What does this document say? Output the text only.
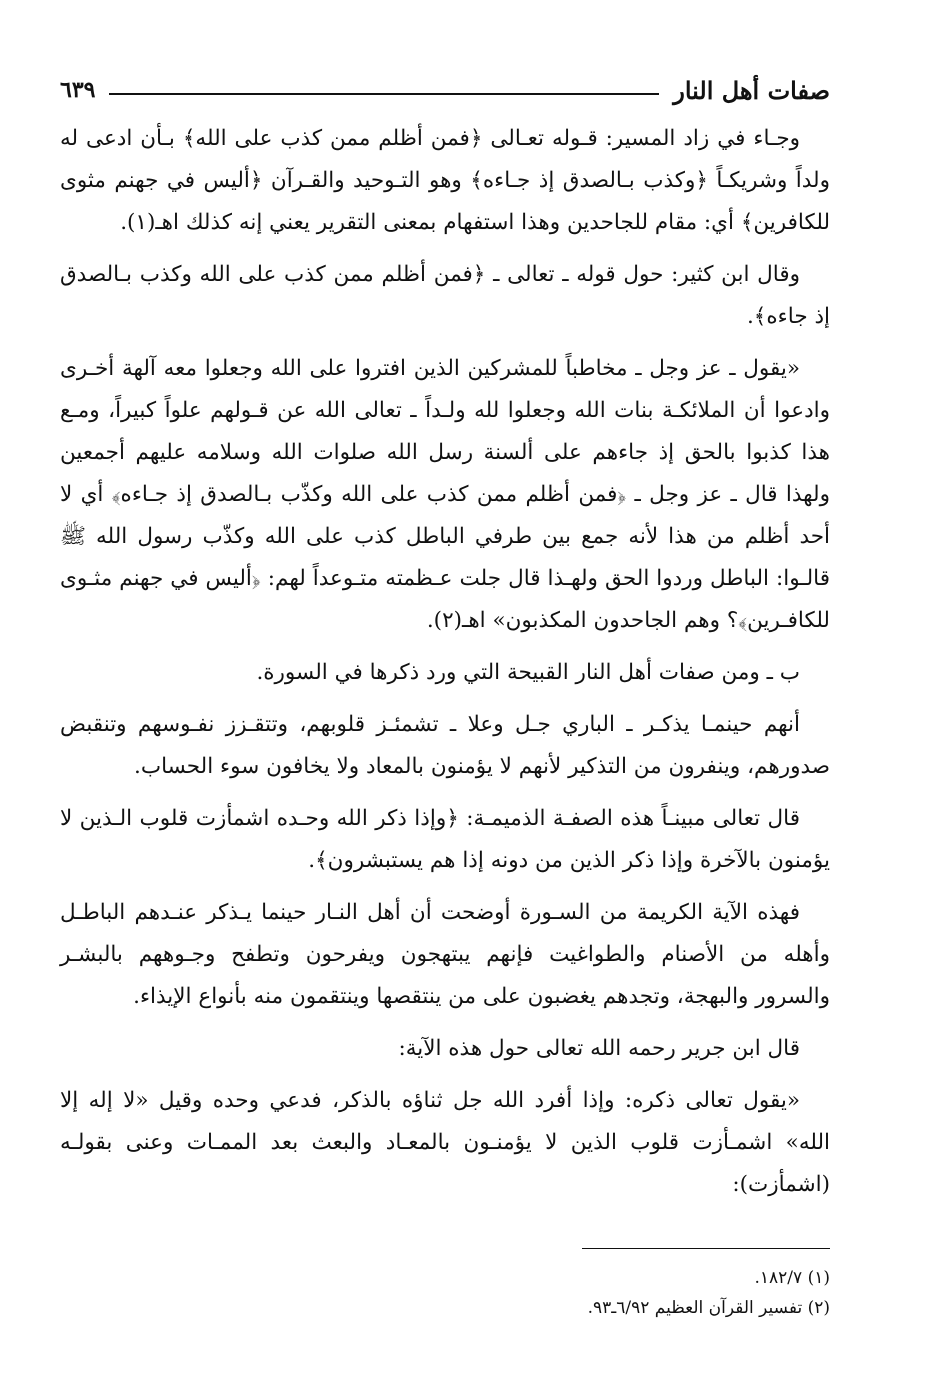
صفات أهل النار
٦٣٩

وجـاء في زاد المسير: قـوله تعـالى ﴿فمن أظلم ممن كذب على الله﴾ بـأن ادعى له ولداً وشريكـاً ﴿وكذب بـالصدق إذ جـاءه﴾ وهو التـوحيد والقـرآن ﴿أليس في جهنم مثوى للكافرين﴾ أي: مقام للجاحدين وهذا استفهام بمعنى التقرير يعني إنه كذلك اهـ(١).

وقال ابن كثير: حول قوله ـ تعالى ـ ﴿فمن أظلم ممن كذب على الله وكذب بـالصدق إذ جاءه﴾.

«يقول ـ عز وجل ـ مخاطباً للمشركين الذين افتروا على الله وجعلوا معه آلهة أخـرى وادعوا أن الملائكـة بنات الله وجعلوا لله ولـداً ـ تعالى الله عن قـولهم علواً كبيراً، ومـع هذا كذبوا بالحق إذ جاءهم على ألسنة رسل الله صلوات الله وسلامه عليهم أجمعين ولهذا قال ـ عز وجل ـ ﴿فمن أظلم ممن كذب على الله وكذّب بـالصدق إذ جـاءه﴾ أي لا أحد أظلم من هذا لأنه جمع بين طرفي الباطل كذب على الله وكذّب رسول الله ﷺ قالـوا: الباطل وردوا الحق ولهـذا قال جلت عـظمته متـوعداً لهم: ﴿أليس في جهنم مثـوى للكافـرين﴾؟ وهم الجاحدون المكذبون» اهـ(٢).

ب ـ ومن صفات أهل النار القبيحة التي ورد ذكرها في السورة.

أنهم حينمـا يذكـر ـ الباري جـل وعلا ـ تشمئـز قلوبهم، وتتقـزز نفـوسهم وتنقبض صدورهم، وينفرون من التذكير لأنهم لا يؤمنون بالمعاد ولا يخافون سوء الحساب.

قال تعالى مبينـاً هذه الصفـة الذميمـة: ﴿وإذا ذكر الله وحـده اشمأزت قلوب الـذين لا يؤمنون بالآخرة وإذا ذكر الذين من دونه إذا هم يستبشرون﴾.

فهذه الآية الكريمة من السـورة أوضحت أن أهل النـار حينما يـذكر عنـدهم الباطـل وأهله من الأصنام والطواغيت فإنهم يبتهجون ويفرحون وتطفح وجـوههم بالبشـر والسرور والبهجة، وتجدهم يغضبون على من ينتقصها وينتقمون منه بأنواع الإيذاء.

قال ابن جرير رحمه الله تعالى حول هذه الآية:

«يقول تعالى ذكره: وإذا أفرد الله جل ثناؤه بالذكر، فدعي وحده وقيل «لا إله إلا الله» اشمـأزت قلوب الذين لا يؤمنـون بالمعـاد والبعث بعد الممـات وعنى بقولـه (اشمأزت):

(١) ١٨٢/٧.

(٢) تفسير القرآن العظيم ٦/٩٢ـ٩٣.
